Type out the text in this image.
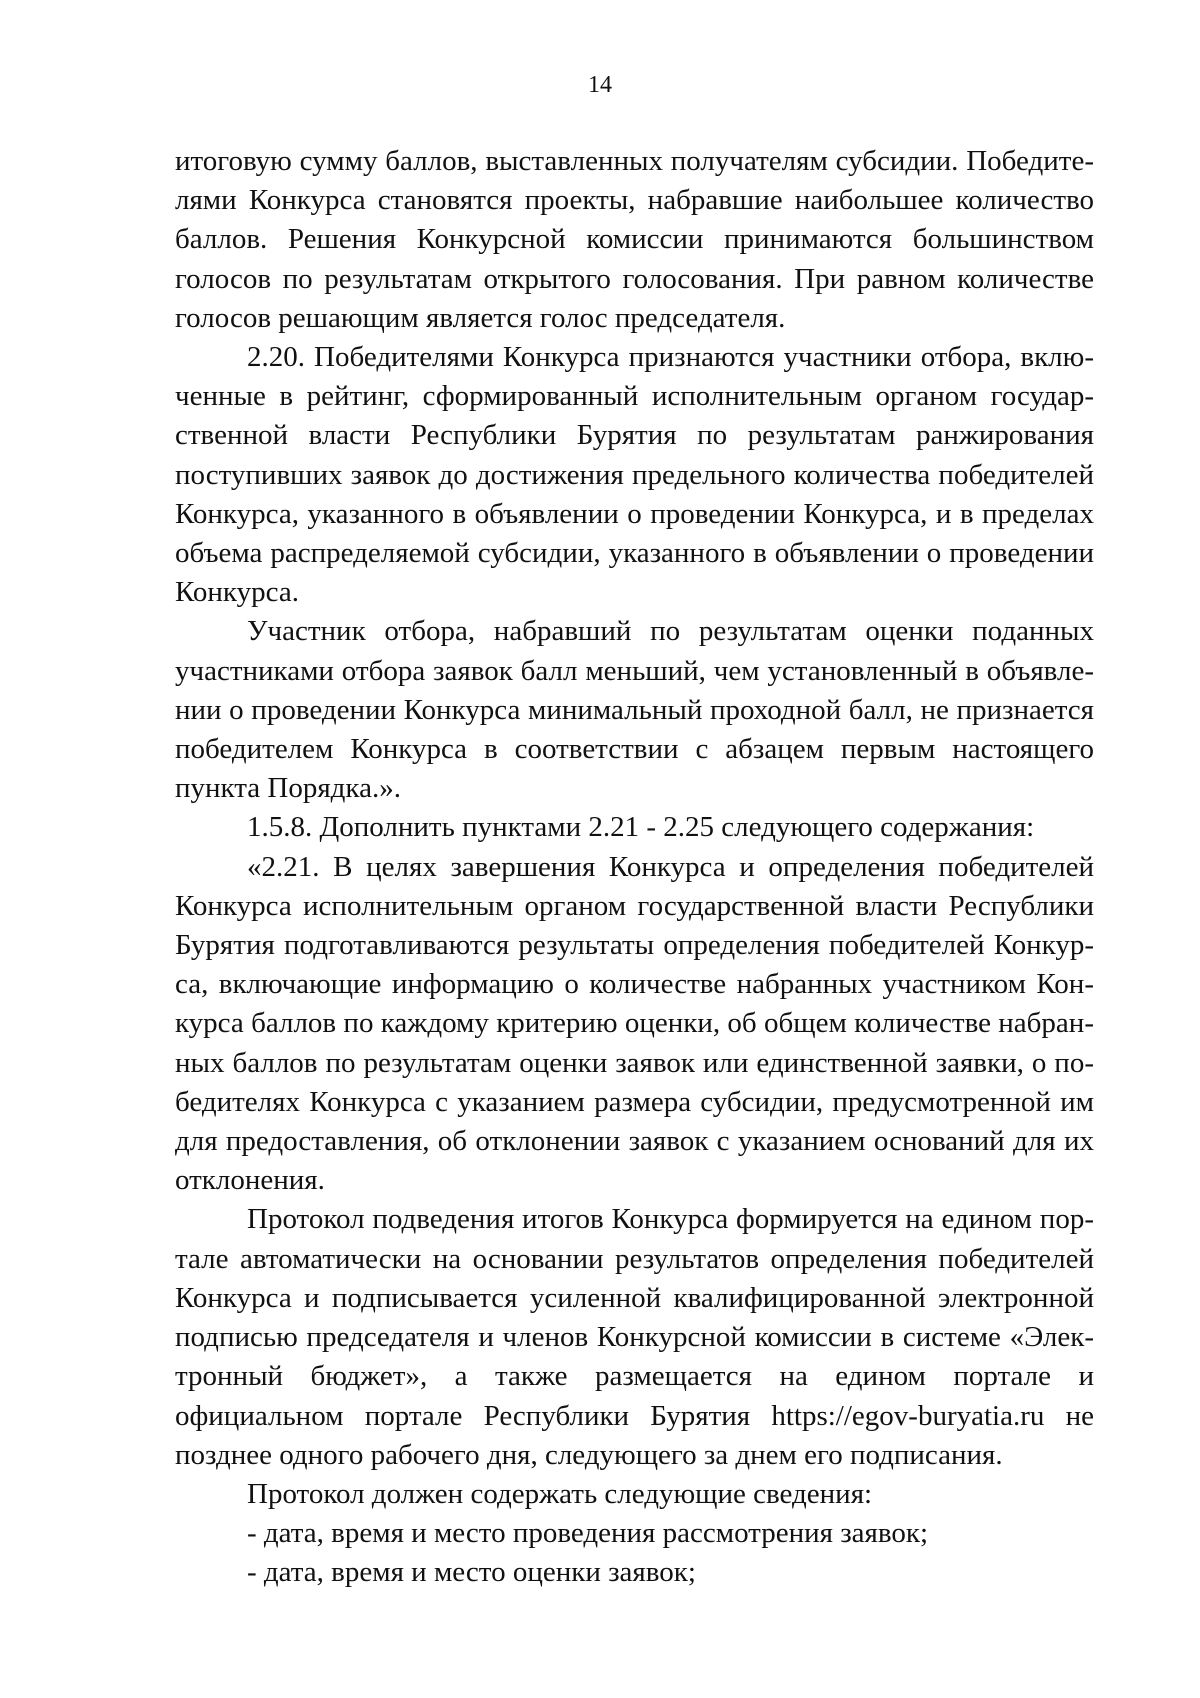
14

итоговую сумму баллов, выставленных получателям субсидии. Победителями Конкурса становятся проекты, набравшие наибольшее количество баллов. Решения Конкурсной комиссии принимаются большинством голосов по результатам открытого голосования. При равном количестве голосов решающим является голос председателя.

2.20. Победителями Конкурса признаются участники отбора, включенные в рейтинг, сформированный исполнительным органом государственной власти Республики Бурятия по результатам ранжирования поступивших заявок до достижения предельного количества победителей Конкурса, указанного в объявлении о проведении Конкурса, и в пределах объема распределяемой субсидии, указанного в объявлении о проведении Конкурса.

Участник отбора, набравший по результатам оценки поданных участниками отбора заявок балл меньший, чем установленный в объявлении о проведении Конкурса минимальный проходной балл, не признается победителем Конкурса в соответствии с абзацем первым настоящего пункта Порядка.».

1.5.8. Дополнить пунктами 2.21 - 2.25 следующего содержания:

«2.21. В целях завершения Конкурса и определения победителей Конкурса исполнительным органом государственной власти Республики Бурятия подготавливаются результаты определения победителей Конкурса, включающие информацию о количестве набранных участником Конкурса баллов по каждому критерию оценки, об общем количестве набранных баллов по результатам оценки заявок или единственной заявки, о победителях Конкурса с указанием размера субсидии, предусмотренной им для предоставления, об отклонении заявок с указанием оснований для их отклонения.

Протокол подведения итогов Конкурса формируется на едином портале автоматически на основании результатов определения победителей Конкурса и подписывается усиленной квалифицированной электронной подписью председателя и членов Конкурсной комиссии в системе «Электронный бюджет», а также размещается на едином портале и официальном портале Республики Бурятия https://egov-buryatia.ru не позднее одного рабочего дня, следующего за днем его подписания.

Протокол должен содержать следующие сведения:

- дата, время и место проведения рассмотрения заявок;

- дата, время и место оценки заявок;
